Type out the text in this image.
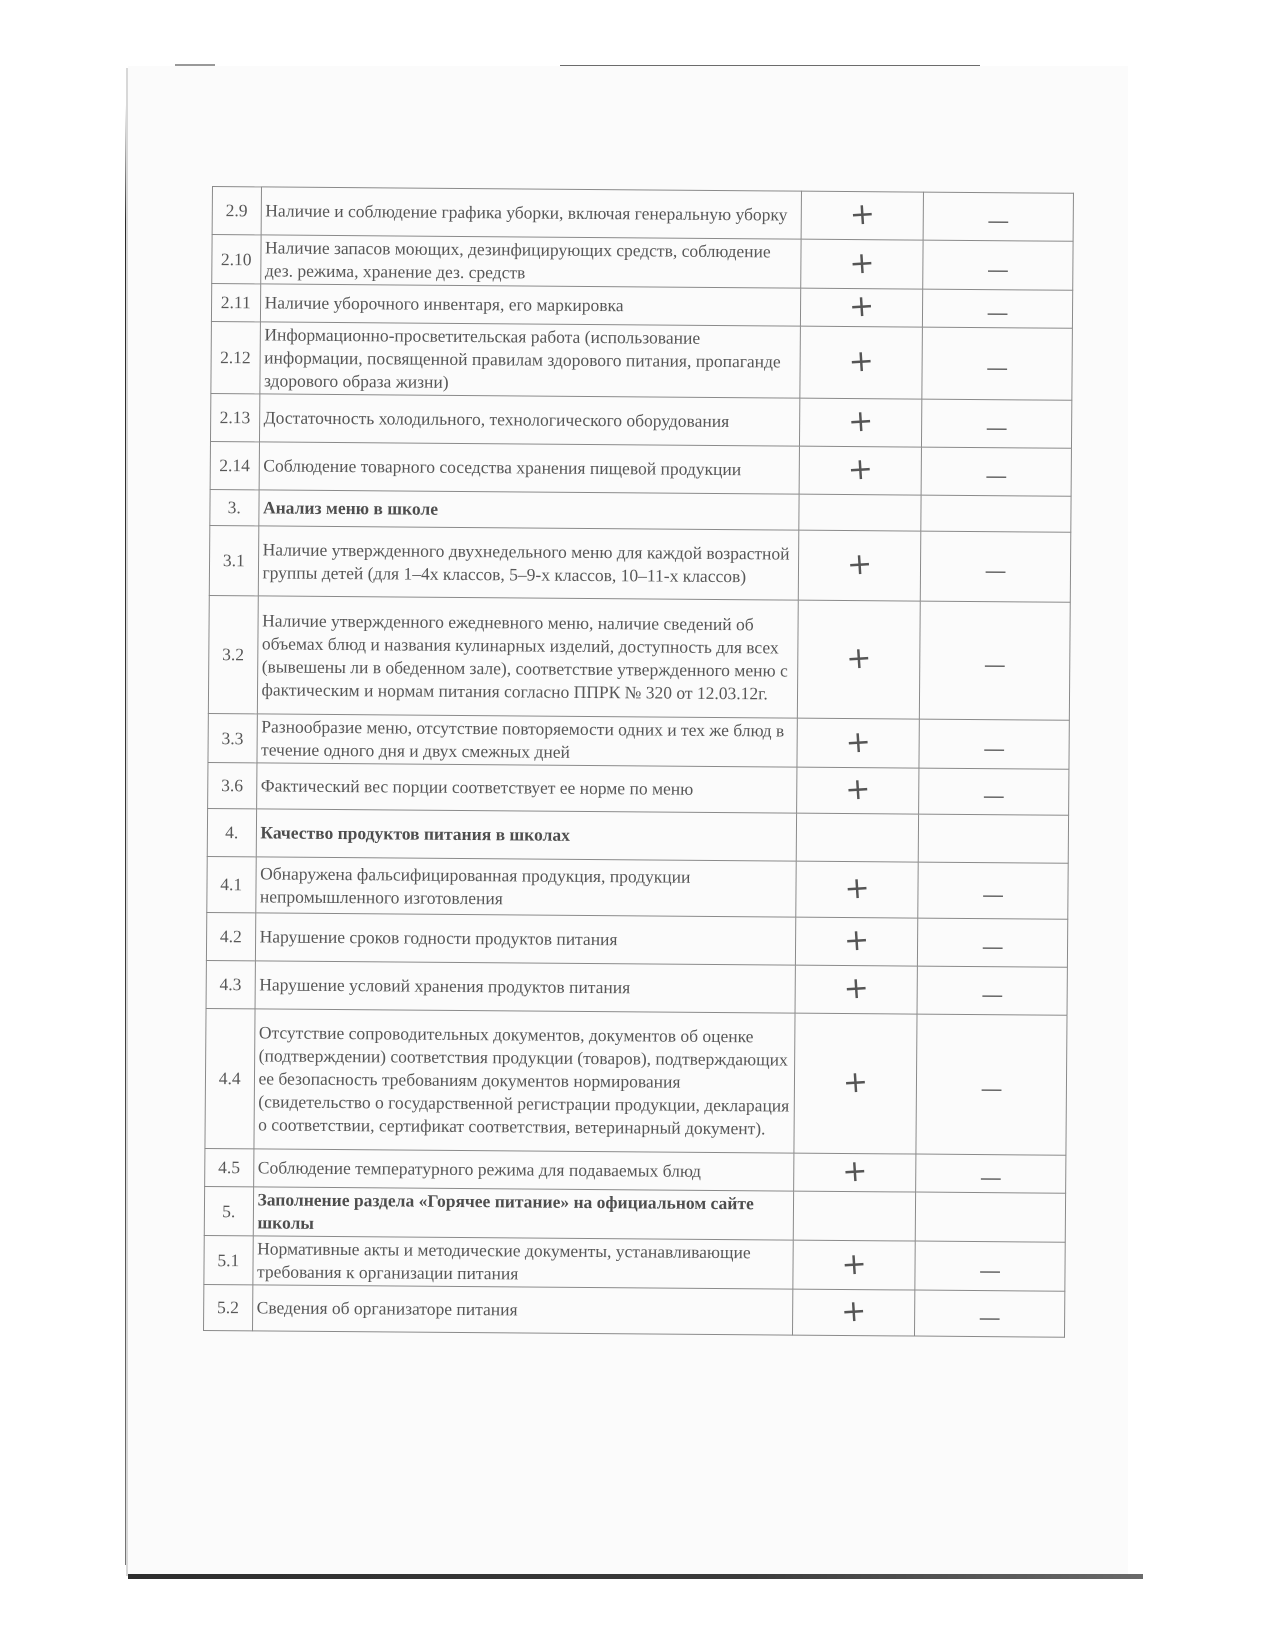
2.9	Наличие и соблюдение графика уборки, включая генеральную уборку	+	—
2.10	Наличие запасов моющих, дезинфицирующих средств, соблюдение дез. режима, хранение дез. средств	+	—
2.11	Наличие уборочного инвентаря, его маркировка	+	—
2.12	Информационно-просветительская работа (использование информации, посвященной правилам здорового питания, пропаганде здорового образа жизни)	+	—
2.13	Достаточность холодильного, технологического оборудования	+	—
2.14	Соблюдение товарного соседства хранения пищевой продукции	+	—
3.	Анализ меню в школе		
3.1	Наличие утвержденного двухнедельного меню для каждой возрастной группы детей (для 1–4х классов, 5–9-х классов, 10–11-х классов)	+	—
3.2	Наличие утвержденного ежедневного меню, наличие сведений об объемах блюд и названия кулинарных изделий, доступность для всех (вывешены ли в обеденном зале), соответствие утвержденного меню с фактическим и нормам питания согласно ППРК № 320 от 12.03.12г.	+	—
3.3	Разнообразие меню, отсутствие повторяемости одних и тех же блюд в течение одного дня и двух смежных дней	+	—
3.6	Фактический вес порции соответствует ее норме по меню	+	—
4.	Качество продуктов питания в школах		
4.1	Обнаружена фальсифицированная продукция, продукции непромышленного изготовления	+	—
4.2	Нарушение сроков годности продуктов питания	+	—
4.3	Нарушение условий хранения продуктов питания	+	—
4.4	Отсутствие сопроводительных документов, документов об оценке (подтверждении) соответствия продукции (товаров), подтверждающих ее безопасность требованиям документов нормирования (свидетельство о государственной регистрации продукции, декларация о соответствии, сертификат соответствия, ветеринарный документ).	+	—
4.5	Соблюдение температурного режима для подаваемых блюд	+	—
5.	Заполнение раздела «Горячее питание» на официальном сайте школы		
5.1	Нормативные акты и методические документы, устанавливающие требования к организации питания	+	—
5.2	Сведения об организаторе питания	+	—
